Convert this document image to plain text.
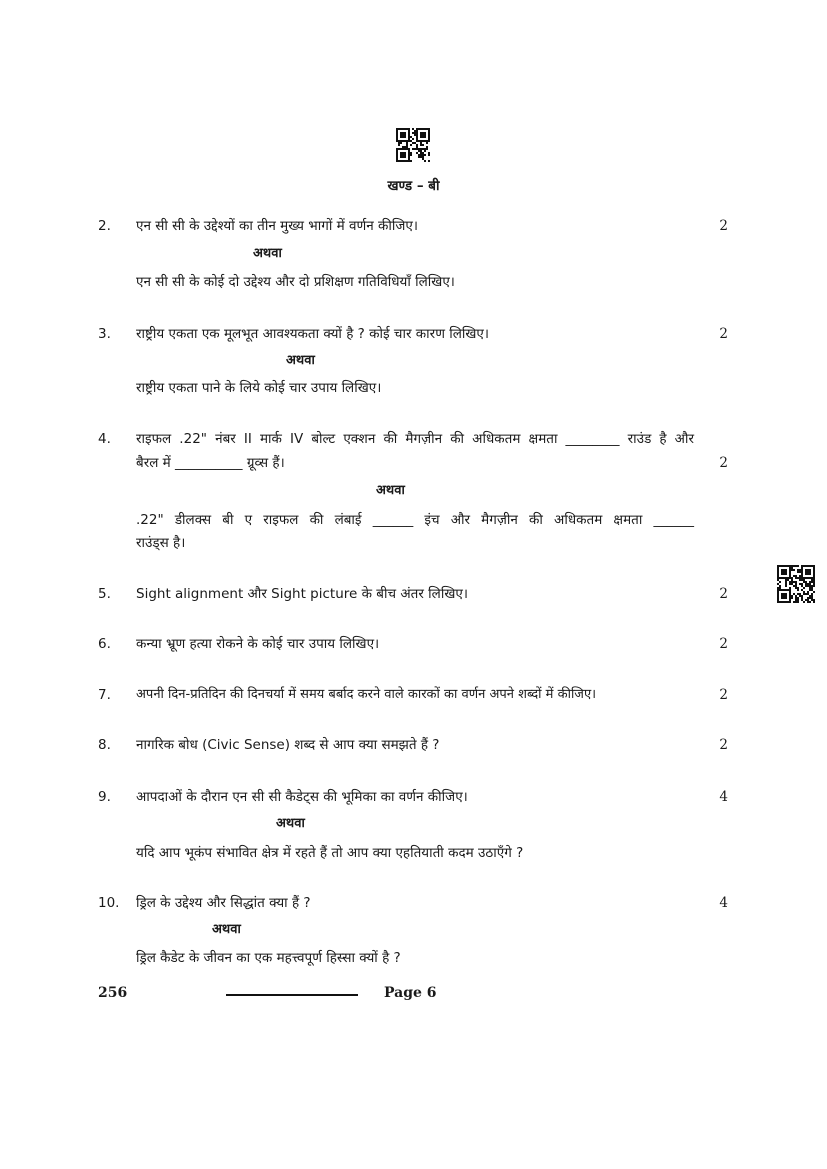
खण्ड – बी
2. एन सी सी के उद्देश्यों का तीन मुख्य भागों में वर्णन कीजिए।	2
अथवा
एन सी सी के कोई दो उद्देश्य और दो प्रशिक्षण गतिविधियाँ लिखिए।
3. राष्ट्रीय एकता एक मूलभूत आवश्यकता क्यों है ? कोई चार कारण लिखिए।	2
अथवा
राष्ट्रीय एकता पाने के लिये कोई चार उपाय लिखिए।
4. राइफल .22" नंबर II मार्क IV बोल्ट एक्शन की मैगज़ीन की अधिकतम क्षमता ________ राउंड है और
बैरल में __________ ग्रूव्स हैं।	2
अथवा
.22" डीलक्स बी ए राइफल की लंबाई ______ इंच और मैगज़ीन की अधिकतम क्षमता ______
राउंड्स है।
5. Sight alignment और Sight picture के बीच अंतर लिखिए।	2
6. कन्या भ्रूण हत्या रोकने के कोई चार उपाय लिखिए।	2
7. अपनी दिन-प्रतिदिन की दिनचर्या में समय बर्बाद करने वाले कारकों का वर्णन अपने शब्दों में कीजिए।	2
8. नागरिक बोध (Civic Sense) शब्द से आप क्या समझते हैं ?	2
9. आपदाओं के दौरान एन सी सी कैडेट्स की भूमिका का वर्णन कीजिए।	4
अथवा
यदि आप भूकंप संभावित क्षेत्र में रहते हैं तो आप क्या एहतियाती कदम उठाएँगे ?
10. ड्रिल के उद्देश्य और सिद्धांत क्या हैं ?	4
अथवा
ड्रिल कैडेट के जीवन का एक महत्त्वपूर्ण हिस्सा क्यों है ?
256	Page 6
